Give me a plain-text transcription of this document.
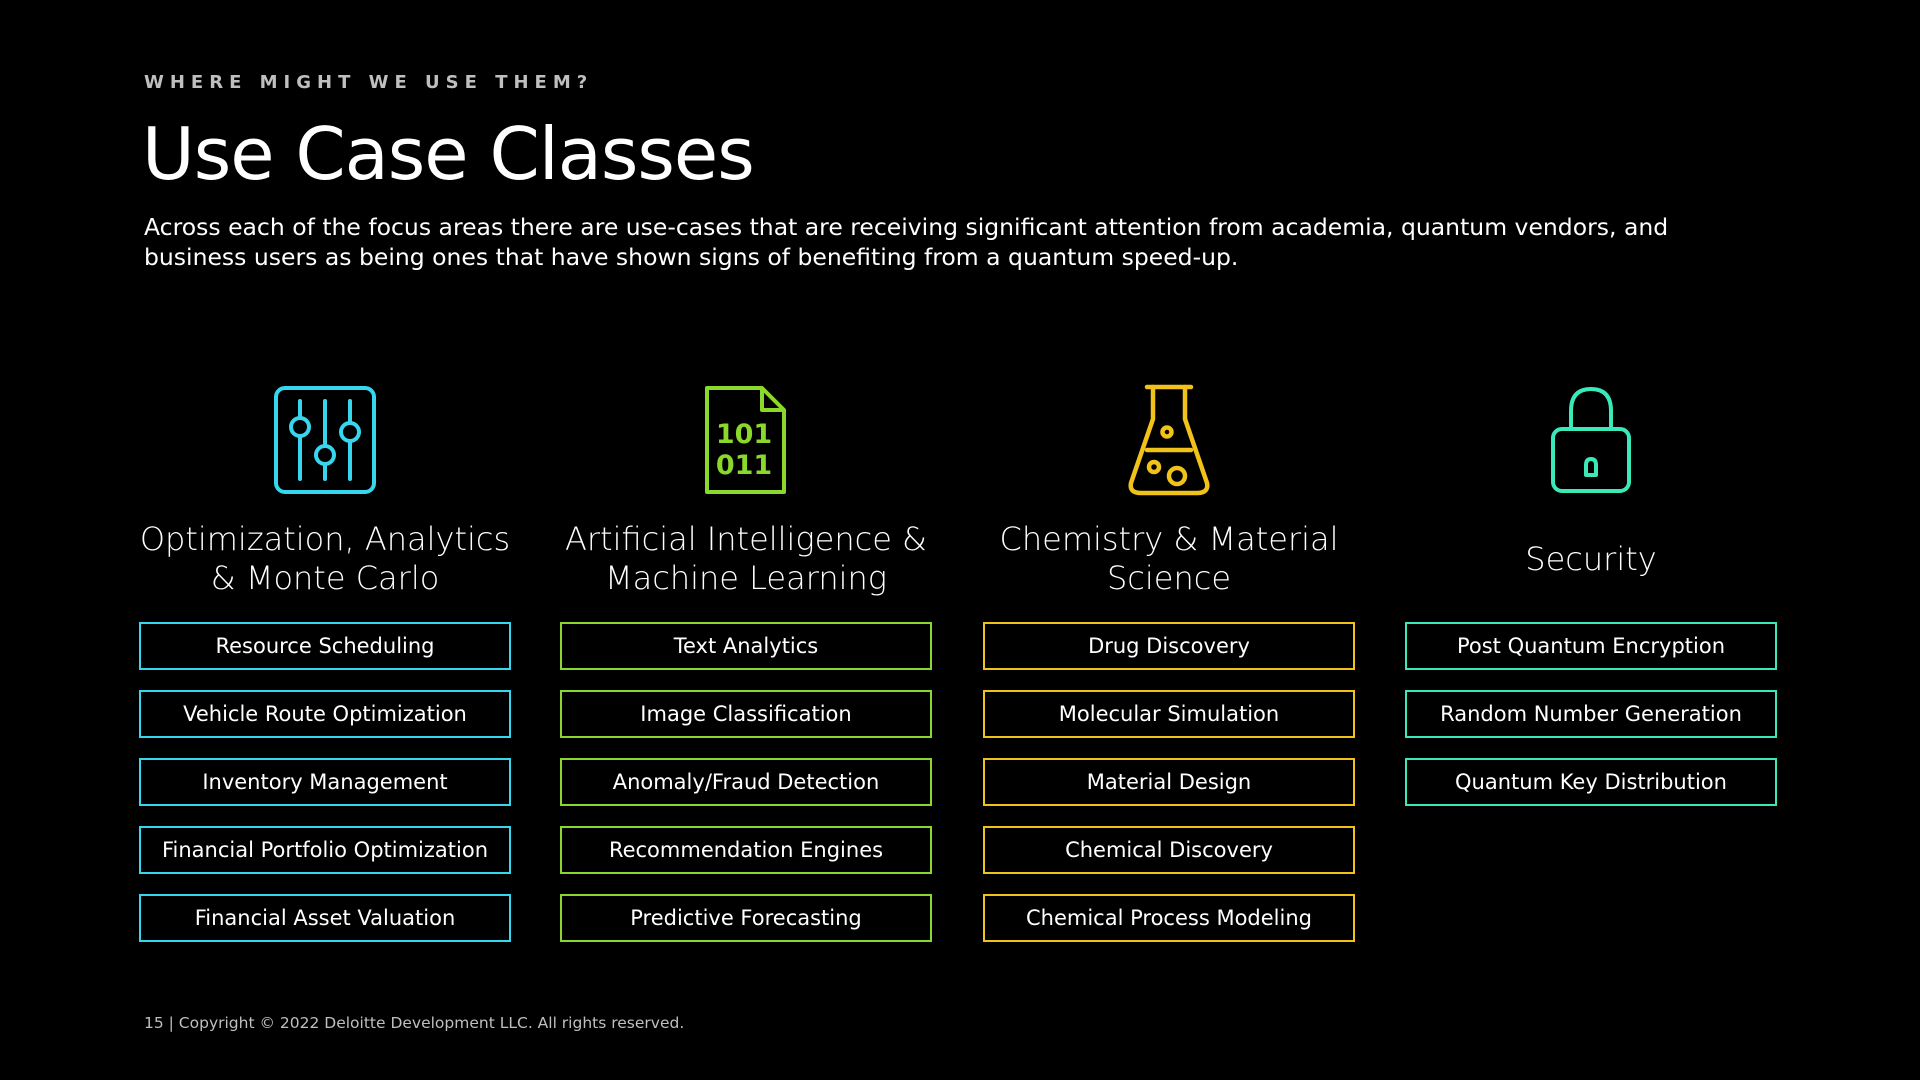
WHERE MIGHT WE USE THEM?
Use Case Classes

Across each of the focus areas there are use-cases that are receiving significant attention from academia, quantum vendors, and business users as being ones that have shown signs of benefiting from a quantum speed-up.

Optimization, Analytics & Monte Carlo
Resource Scheduling
Vehicle Route Optimization
Inventory Management
Financial Portfolio Optimization
Financial Asset Valuation
101
011
Artificial Intelligence & Machine Learning
Text Analytics
Image Classification
Anomaly/Fraud Detection
Recommendation Engines
Predictive Forecasting
Chemistry & Material Science
Drug Discovery
Molecular Simulation
Material Design
Chemical Discovery
Chemical Process Modeling
Security
Post Quantum Encryption
Random Number Generation
Quantum Key Distribution
15 | Copyright © 2022 Deloitte Development LLC. All rights reserved.
